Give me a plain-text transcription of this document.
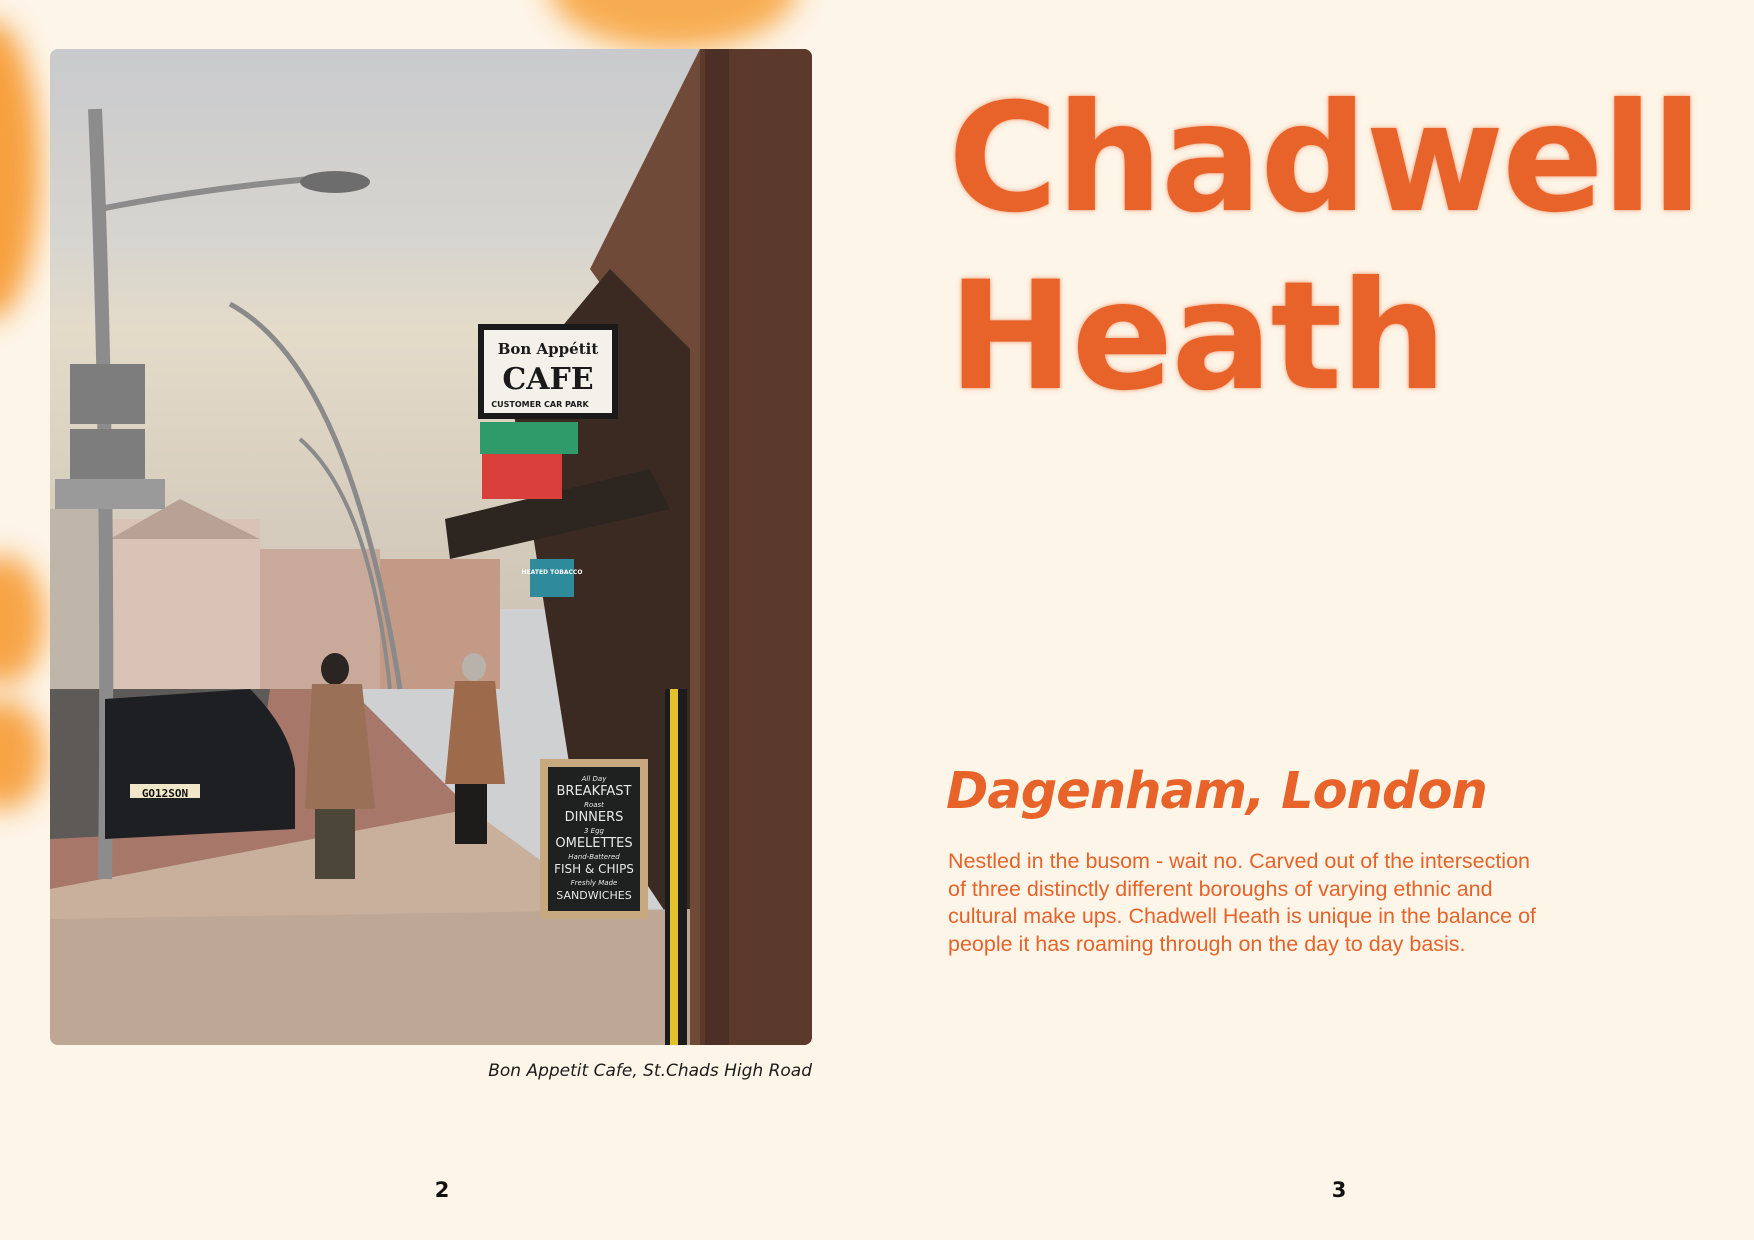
Bon Appétit
CAFE
CUSTOMER CAR PARK
HEATED TOBACCO
All Day
BREAKFAST
Roast
DINNERS
3 Egg
OMELETTES
Hand-Battered
FISH & CHIPS
Freshly Made
SANDWICHES
GO12SON
Bon Appetit Cafe, St.Chads High Road
2
Chadwell
Heath
Dagenham, London

Nestled in the busom - wait no. Carved out of the intersection of three distinctly different boroughs of varying ethnic and cultural make ups. Chadwell Heath is unique in the balance of people it has roaming through on the day to day basis.

3
